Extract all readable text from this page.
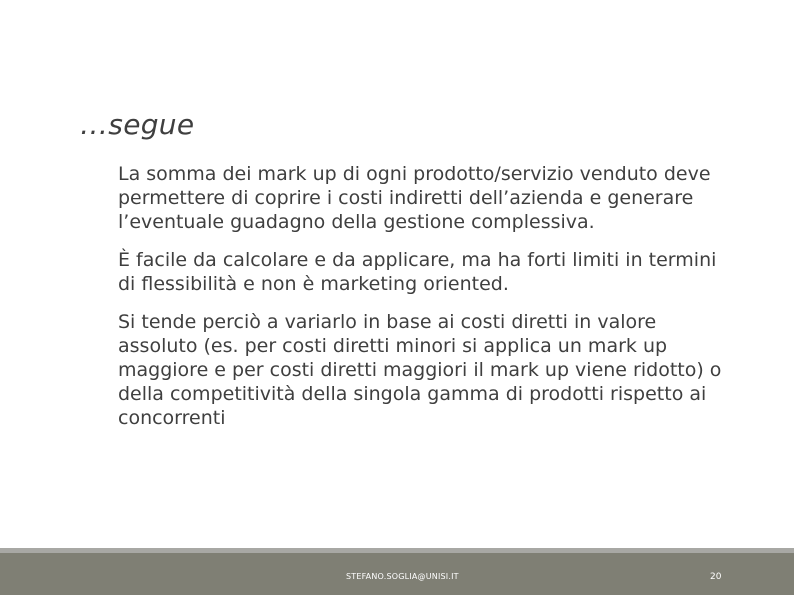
…segue

La somma dei mark up di ogni prodotto/servizio venduto deve permettere di coprire i costi indiretti dell’azienda e generare l’eventuale guadagno della gestione complessiva.

È facile da calcolare e da applicare, ma ha forti limiti in termini di flessibilità e non è marketing oriented.

Si tende perciò a variarlo in base ai costi diretti in valore assoluto (es. per costi diretti minori si applica un mark up maggiore e per costi diretti maggiori il mark up viene ridotto) o della competitività della singola gamma di prodotti rispetto ai concorrenti

STEFANO.SOGLIA@UNISI.IT	20
